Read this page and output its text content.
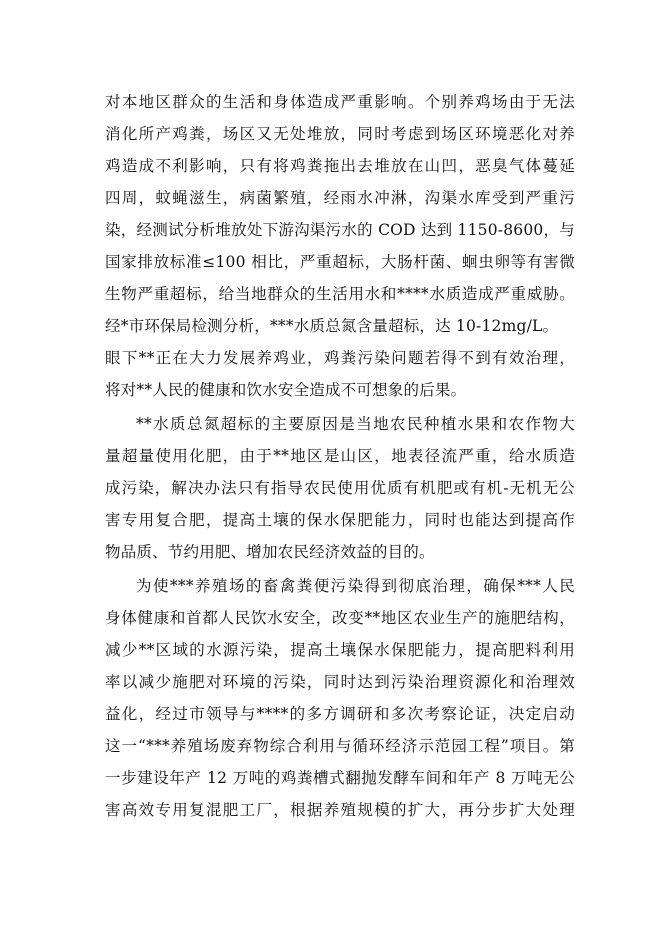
对本地区群众的生活和身体造成严重影响。个别养鸡场由于无法
消化所产鸡粪，场区又无处堆放，同时考虑到场区环境恶化对养
鸡造成不利影响，只有将鸡粪拖出去堆放在山凹，恶臭气体蔓延
四周，蚊蝇滋生，病菌繁殖，经雨水冲淋，沟渠水库受到严重污
染，经测试分析堆放处下游沟渠污水的 COD 达到 1150-8600，与
国家排放标准≤100 相比，严重超标，大肠杆菌、蛔虫卵等有害微
生物严重超标，给当地群众的生活用水和****水质造成严重威胁。
经*市环保局检测分析，***水质总氮含量超标，达 10-12mg/L。
眼下**正在大力发展养鸡业，鸡粪污染问题若得不到有效治理，
将对**人民的健康和饮水安全造成不可想象的后果。
**水质总氮超标的主要原因是当地农民种植水果和农作物大
量超量使用化肥，由于**地区是山区，地表径流严重，给水质造
成污染，解决办法只有指导农民使用优质有机肥或有机-无机无公
害专用复合肥，提高土壤的保水保肥能力，同时也能达到提高作
物品质、节约用肥、增加农民经济效益的目的。
为使***养殖场的畜禽粪便污染得到彻底治理，确保***人民
身体健康和首都人民饮水安全，改变**地区农业生产的施肥结构，
减少**区域的水源污染，提高土壤保水保肥能力，提高肥料利用
率以减少施肥对环境的污染，同时达到污染治理资源化和治理效
益化，经过市领导与****的多方调研和多次考察论证，决定启动
这一“***养殖场废弃物综合利用与循环经济示范园工程”项目。第
一步建设年产 12 万吨的鸡粪槽式翻抛发酵车间和年产 8 万吨无公
害高效专用复混肥工厂，根据养殖规模的扩大，再分步扩大处理
